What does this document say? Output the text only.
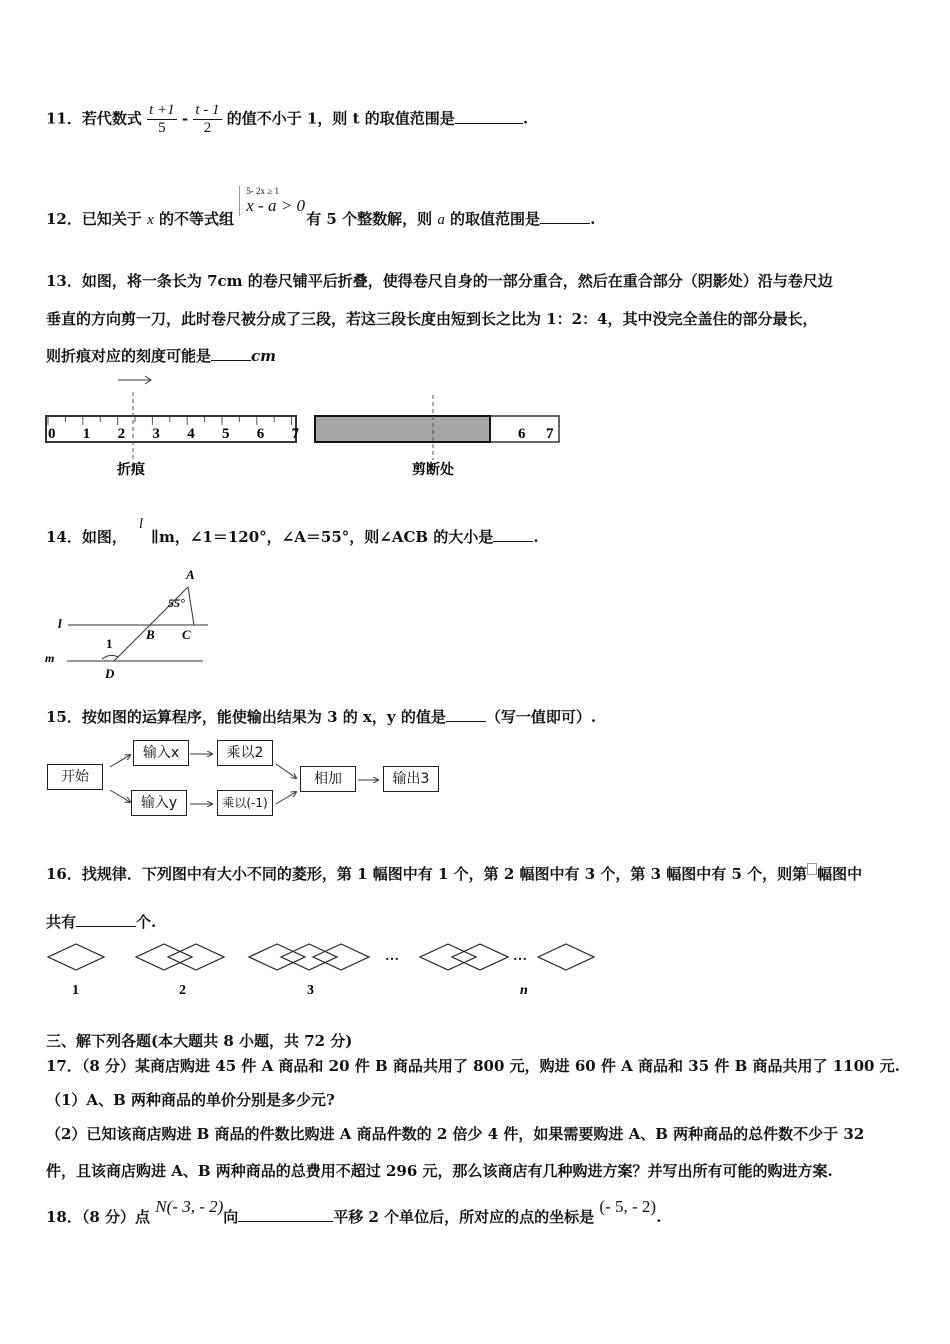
11．若代数式 $\frac{t +1}{5} - \frac{t - 1}{2}$ 的值不小于 1，则 t 的取值范围是	.
12．已知关于 x 的不等式组
5- 2x ≥ 1
x - a > 0
有 5 个整数解，则 a 的取值范围是	.
13．如图，将一条长为 7cm 的卷尺铺平后折叠，使得卷尺自身的一部分重合，然后在重合部分（阴影处）沿与卷尺边
垂直的方向剪一刀，此时卷尺被分成了三段，若这三段长度由短到长之比为 1：2：4，其中没完全盖住的部分最长，
则折痕对应的刻度可能是	cm
0 1 2 3 4 5 6 7
折痕
6 7
剪断处
14．如图，l∥m，∠1＝120°，∠A＝55°，则∠ACB 的大小是	.
A
55°
B C
D
1
l
m
15．按如图的运算程序，能使输出结果为 3 的 x，y 的值是	（写一值即可）.
开始
输入x
输入y
乘以2
乘以(-1)
相加	输出3
16．找规律．下列图中有大小不同的菱形，第 1 幅图中有 1 个，第 2 幅图中有 3 个，第 3 幅图中有 5 个，则第 幅图中
共有	个.
…	…
1	2	3	n
三、解下列各题(本大题共 8 小题，共 72 分)
17．（8 分）某商店购进 45 件 A 商品和 20 件 B 商品共用了 800 元，购进 60 件 A 商品和 35 件 B 商品共用了 1100 元.
（1）A、B 两种商品的单价分别是多少元?
（2）已知该商店购进 B 商品的件数比购进 A 商品件数的 2 倍少 4 件，如果需要购进 A、B 两种商品的总件数不少于 32
件，且该商店购进 A、B 两种商品的总费用不超过 296 元，那么该商店有几种购进方案？并写出所有可能的购进方案.
18．（8 分）点 N(- 3, - 2)向	平移 2 个单位后，所对应的点的坐标是 (- 5, - 2).
